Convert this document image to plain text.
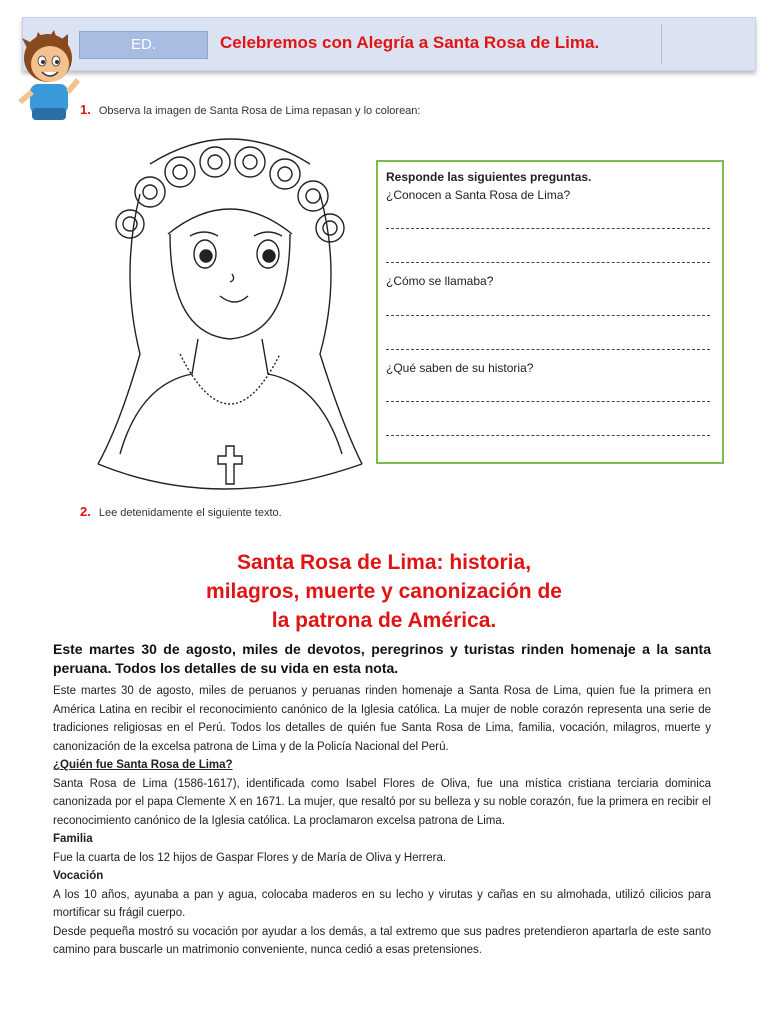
ED.	Celebremos con Alegría a Santa Rosa de Lima.
1. Observa la imagen de Santa Rosa de Lima repasan y lo colorean:
Responde las siguientes preguntas.
¿Conocen a Santa Rosa de Lima?
¿Cómo se llamaba?
¿Qué saben de su historia?
2. Lee detenidamente el siguiente texto.
Santa Rosa de Lima: historia,
milagros, muerte y canonización de
la patrona de América.
Este martes 30 de agosto, miles de devotos, peregrinos y turistas rinden homenaje a la santa peruana. Todos los detalles de su vida en esta nota.

Este martes 30 de agosto, miles de peruanos y peruanas rinden homenaje a Santa Rosa de Lima, quien fue la primera en América Latina en recibir el reconocimiento canónico de la Iglesia católica. La mujer de noble corazón representa una serie de tradiciones religiosas en el Perú. Todos los detalles de quién fue Santa Rosa de Lima, familia, vocación, milagros, muerte y canonización de la excelsa patrona de Lima y de la Policía Nacional del Perú.

¿Quién fue Santa Rosa de Lima?

Santa Rosa de Lima (1586-1617), identificada como Isabel Flores de Oliva, fue una mística cristiana terciaria dominica canonizada por el papa Clemente X en 1671. La mujer, que resaltó por su belleza y su noble corazón, fue la primera en recibir el reconocimiento canónico de la Iglesia católica. La proclamaron excelsa patrona de Lima.

Familia

Fue la cuarta de los 12 hijos de Gaspar Flores y de María de Oliva y Herrera.

Vocación

A los 10 años, ayunaba a pan y agua, colocaba maderos en su lecho y virutas y cañas en su almohada, utilizó cilicios para mortificar su frágil cuerpo.

Desde pequeña mostró su vocación por ayudar a los demás, a tal extremo que sus padres pretendieron apartarla de este santo camino para buscarle un matrimonio conveniente, nunca cedió a esas pretensiones.
